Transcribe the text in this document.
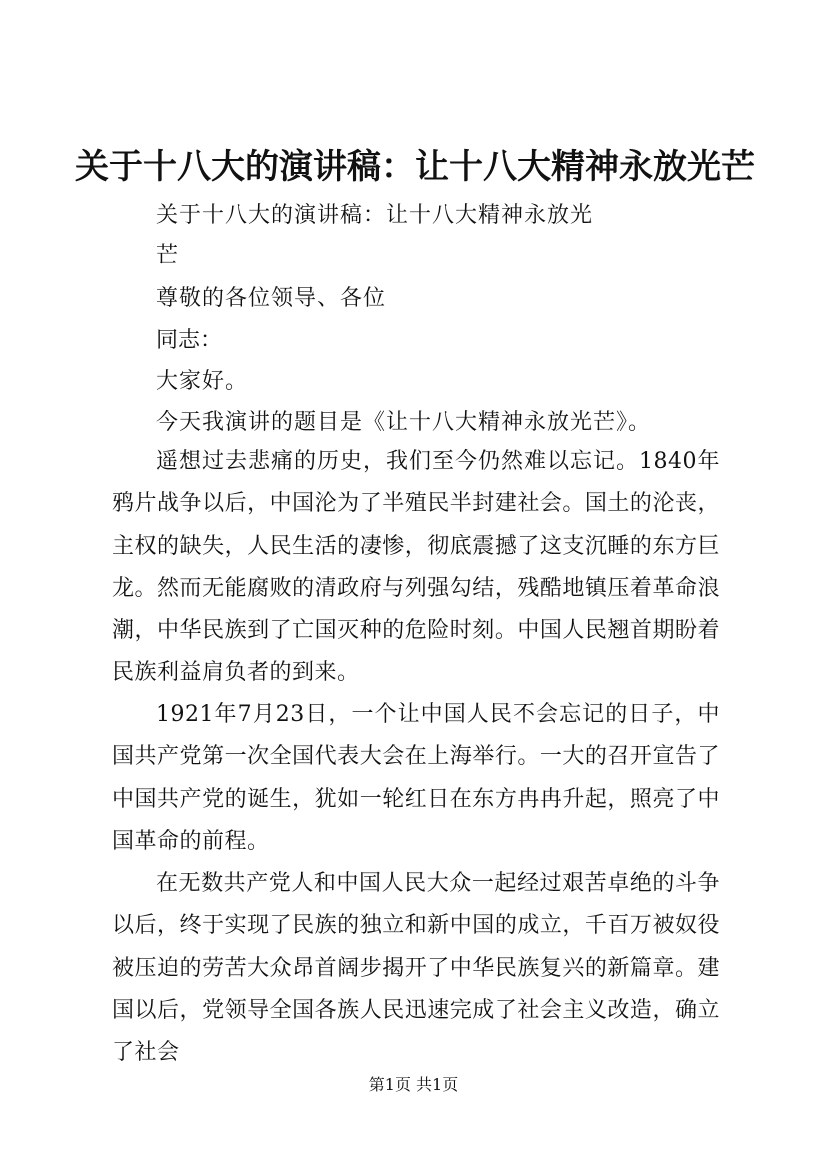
关于十八大的演讲稿：让十八大精神永放光芒

关于十八大的演讲稿：让十八大精神永放光

芒

尊敬的各位领导、各位

同志：

大家好。

今天我演讲的题目是《让十八大精神永放光芒》。

遥想过去悲痛的历史，我们至今仍然难以忘记。1840年鸦片战争以后，中国沦为了半殖民半封建社会。国土的沦丧，主权的缺失，人民生活的凄惨，彻底震撼了这支沉睡的东方巨龙。然而无能腐败的清政府与列强勾结，残酷地镇压着革命浪潮，中华民族到了亡国灭种的危险时刻。中国人民翘首期盼着民族利益肩负者的到来。

1921年7月23日，一个让中国人民不会忘记的日子，中国共产党第一次全国代表大会在上海举行。一大的召开宣告了中国共产党的诞生，犹如一轮红日在东方冉冉升起，照亮了中国革命的前程。

在无数共产党人和中国人民大众一起经过艰苦卓绝的斗争以后，终于实现了民族的独立和新中国的成立，千百万被奴役被压迫的劳苦大众昂首阔步揭开了中华民族复兴的新篇章。建国以后，党领导全国各族人民迅速完成了社会主义改造，确立了社会

第1页 共1页
